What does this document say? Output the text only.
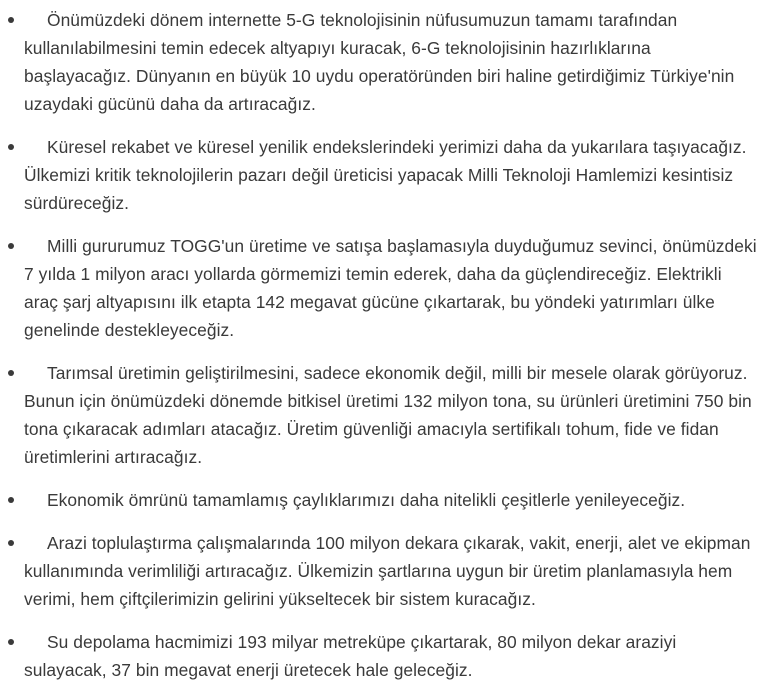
Önümüzdeki dönem internette 5-G teknolojisinin nüfusumuzun tamamı tarafından kullanılabilmesini temin edecek altyapıyı kuracak, 6-G teknolojisinin hazırlıklarına başlayacağız. Dünyanın en büyük 10 uydu operatöründen biri haline getirdiğimiz Türkiye'nin uzaydaki gücünü daha da artıracağız.
Küresel rekabet ve küresel yenilik endekslerindeki yerimizi daha da yukarılara taşıyacağız. Ülkemizi kritik teknolojilerin pazarı değil üreticisi yapacak Milli Teknoloji Hamlemizi kesintisiz sürdüreceğiz.
Milli gururumuz TOGG'un üretime ve satışa başlamasıyla duyduğumuz sevinci, önümüzdeki 7 yılda 1 milyon aracı yollarda görmemizi temin ederek, daha da güçlendireceğiz. Elektrikli araç şarj altyapısını ilk etapta 142 megavat gücüne çıkartarak, bu yöndeki yatırımları ülke genelinde destekleyeceğiz.
Tarımsal üretimin geliştirilmesini, sadece ekonomik değil, milli bir mesele olarak görüyoruz. Bunun için önümüzdeki dönemde bitkisel üretimi 132 milyon tona, su ürünleri üretimini 750 bin tona çıkaracak adımları atacağız. Üretim güvenliği amacıyla sertifikalı tohum, fide ve fidan üretimlerini artıracağız.
Ekonomik ömrünü tamamlamış çaylıklarımızı daha nitelikli çeşitlerle yenileyeceğiz.
Arazi toplulaştırma çalışmalarında 100 milyon dekara çıkarak, vakit, enerji, alet ve ekipman kullanımında verimliliği artıracağız. Ülkemizin şartlarına uygun bir üretim planlamasıyla hem verimi, hem çiftçilerimizin gelirini yükseltecek bir sistem kuracağız.
Su depolama hacmimizi 193 milyar metreküpe çıkartarak, 80 milyon dekar araziyi sulayacak, 37 bin megavat enerji üretecek hale geleceğiz.
